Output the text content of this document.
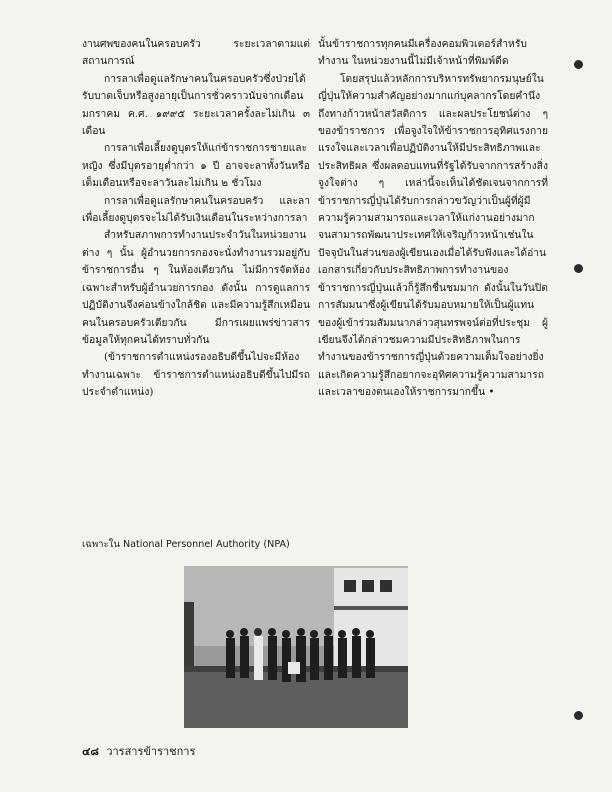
งานศพของคนในครอบครัว ระยะเวลาตามแต่สถานการณ์

การลาเพื่อดูแลรักษาคนในครอบครัวซึ่งป่วยได้รับบาดเจ็บหรือสูงอายุเป็นการชั่วคราวนับจากเดือนมกราคม ค.ศ. ๑๙๙๕ ระยะเวลาครั้งละไม่เกิน ๓ เดือน

การลาเพื่อเลี้ยงดูบุตรให้แก่ข้าราชการชายและหญิง ซึ่งมีบุตรอายุต่ำกว่า ๑ ปี อาจจะลาทั้งวันหรือเต็มเดือนหรือจะลาวันละไม่เกิน ๒ ชั่วโมง

การลาเพื่อดูแลรักษาคนในครอบครัว และลาเพื่อเลี้ยงดูบุตรจะไม่ได้รับเงินเดือนในระหว่างการลา

สำหรับสภาพการทำงานประจำวันในหน่วยงานต่าง ๆ นั้น ผู้อำนวยการกองจะนั่งทำงานรวมอยู่กับข้าราชการอื่น ๆ ในห้องเดียวกัน ไม่มีการจัดห้องเฉพาะสำหรับผู้อำนวยการกอง ดังนั้น การดูแลการปฏิบัติงานจึงค่อนข้างใกล้ชิด และมีความรู้สึกเหมือนคนในครอบครัวเดียวกัน มีการเผยแพร่ข่าวสารข้อมูลให้ทุกคนได้ทราบทั่วกัน

(ข้าราชการตำแหน่งรองอธิบดีขึ้นไปจะมีห้องทำงานเฉพาะ ข้าราชการตำแหน่งอธิบดีขึ้นไปมีรถประจำตำแหน่ง)

นั้นข้าราชการทุกคนมีเครื่องคอมพิวเตอร์สำหรับทำงาน ในหน่วยงานนี้ไม่มีเจ้าหน้าที่พิมพ์ดีด

โดยสรุปแล้วหลักการบริหารทรัพยากรมนุษย์ในญี่ปุ่นให้ความสำคัญอย่างมากแก่บุคลากรโดยคำนึงถึงทางก้าวหน้าสวัสดิการ และผลประโยชน์ต่าง ๆ ของข้าราชการ เพื่อจูงใจให้ข้าราชการอุทิศแรงกาย แรงใจและเวลาเพื่อปฏิบัติงานให้มีประสิทธิภาพและประสิทธิผล ซึ่งผลตอบแทนที่รัฐได้รับจากการสร้างสิ่งจูงใจต่าง ๆ เหล่านี้จะเห็นได้ชัดเจนจากการที่ข้าราชการญี่ปุ่นได้รับการกล่าวขวัญว่าเป็นผู้ที่ผู้มีความรู้ความสามารถและเวลาให้แก่งานอย่างมาก จนสามารถพัฒนาประเทศให้เจริญก้าวหน้าเช่นในปัจจุบันในส่วนของผู้เขียนเองเมื่อได้รับฟังและได้อ่านเอกสารเกี่ยวกับประสิทธิภาพการทำงานของข้าราชการญี่ปุ่นแล้วก็รู้สึกชื่นชมมาก ดังนั้นในวันปิดการสัมมนาซึ่งผู้เขียนได้รับมอบหมายให้เป็นผู้แทนของผู้เข้าร่วมสัมมนากล่าวสุนทรพจน์ต่อที่ประชุม ผู้เขียนจึงได้กล่าวชมความมีประสิทธิภาพในการทำงานของข้าราชการญี่ปุ่นด้วยความเต็มใจอย่างยิ่งและเกิดความรู้สึกอยากจะอุทิศความรู้ความสามารถและเวลาของตนเองให้ราชการมากขึ้น •

เฉพาะใน National Personnel Authority (NPA)
๔๘ วารสารข้าราชการ
